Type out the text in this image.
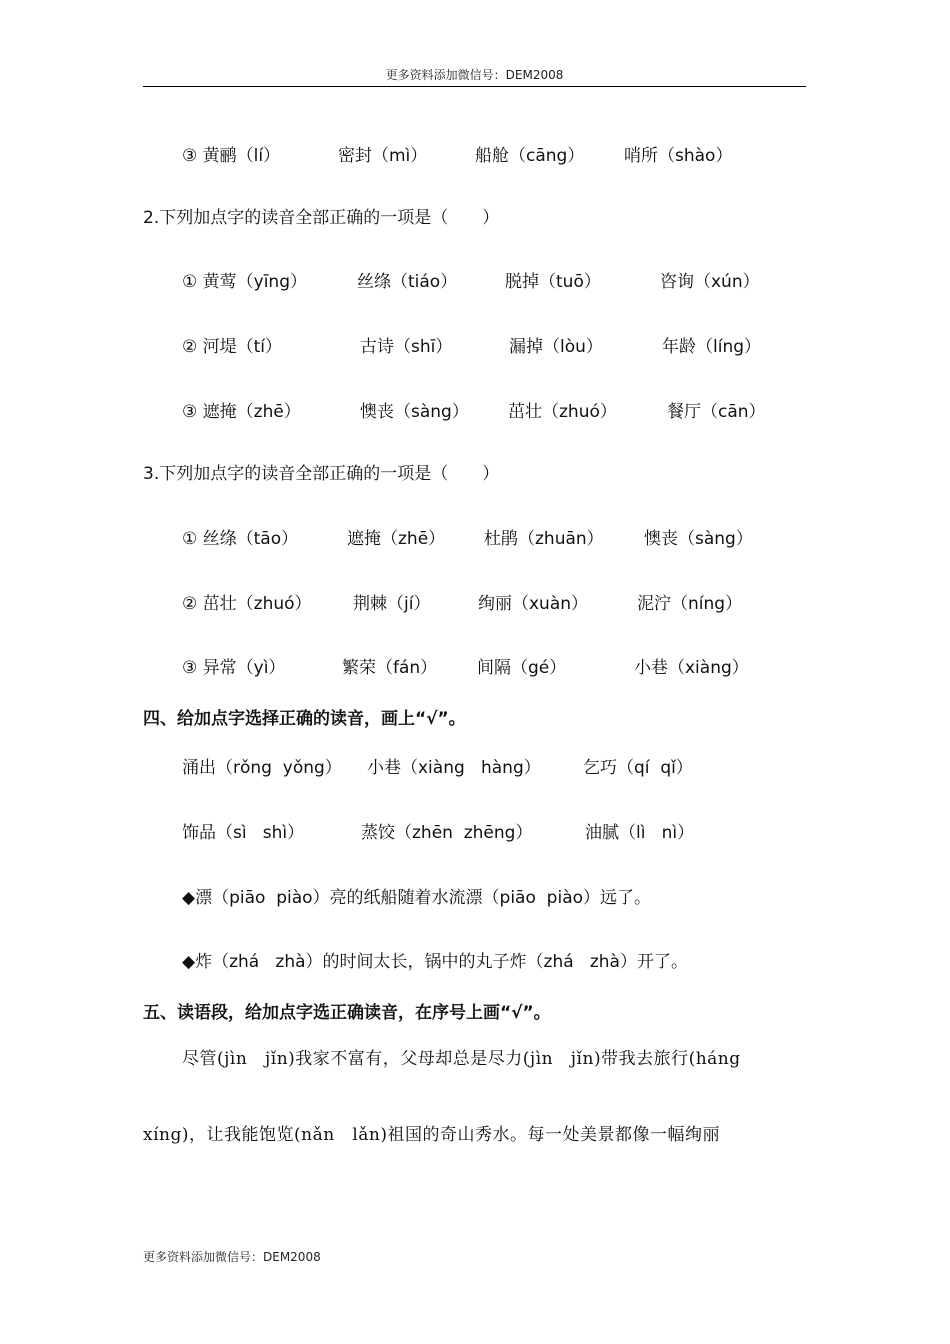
更多资料添加微信号：DEM2008
③ 黄鹂（lí）	密封（mì）	船舱（cāng） 哨所（shào）
2.下列加点字的读音全部正确的一项是（　　）
① 黄莺（yīng）	丝绦（tiáo）	脱掉（tuō）	咨询（xún）
② 河堤（tí）	古诗（shī）	漏掉（lòu）	年龄（líng）
③ 遮掩（zhē）	懊丧（sàng） 茁壮（zhuó）	餐厅（cān）
3.下列加点字的读音全部正确的一项是（　　）
① 丝绦（tāo）	遮掩（zhē） 杜鹃（zhuān） 懊丧（sàng）
② 茁壮（zhuó） 荆棘（jí）	绚丽（xuàn）	泥泞（níng）
③ 异常（yì）	繁荣（fán） 间隔（gé）	小巷（xiàng）
四、给加点字选择正确的读音，画上“√”。
涌出（rǒng  yǒng） 小巷（xiàng   hàng） 乞巧（qí  qǐ）
饰品（sì   shì）	蒸饺（zhēn  zhēng）	油腻（lì   nì）
◆漂（piāo  piào）亮的纸船随着水流漂（piāo  piào）远了。
◆炸（zhá   zhà）的时间太长，锅中的丸子炸（zhá   zhà）开了。
五、读语段，给加点字选正确读音，在序号上画“√”。
尽管(jìn   jǐn)我家不富有，父母却总是尽力(jìn   jǐn)带我去旅行(háng
xíng)，让我能饱览(nǎn   lǎn)祖国的奇山秀水。每一处美景都像一幅绚丽
更多资料添加微信号：DEM2008
